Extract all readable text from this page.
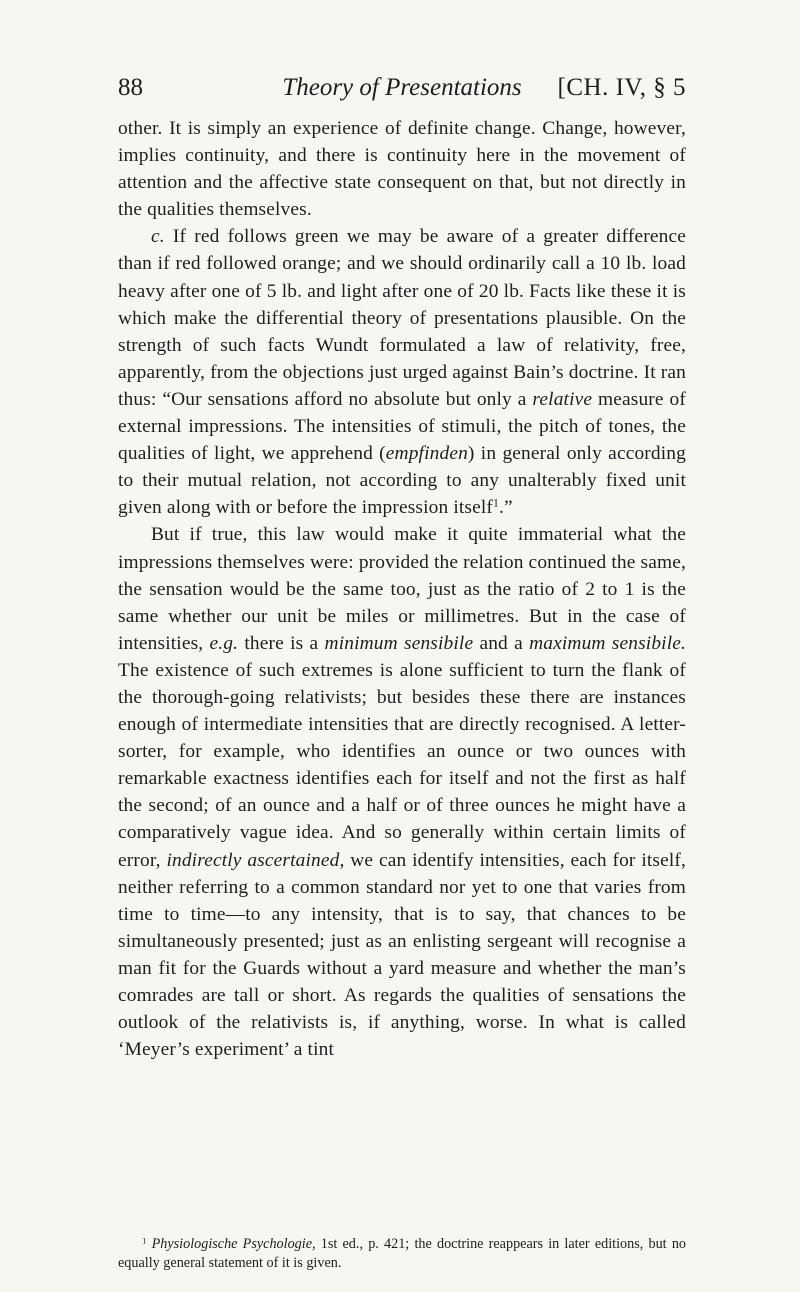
88	Theory of Presentations	[CH. IV, § 5

other. It is simply an experience of definite change. Change, however, implies continuity, and there is continuity here in the movement of attention and the affective state consequent on that, but not directly in the qualities themselves.

c. If red follows green we may be aware of a greater difference than if red followed orange; and we should ordinarily call a 10 lb. load heavy after one of 5 lb. and light after one of 20 lb. Facts like these it is which make the differential theory of presentations plausible. On the strength of such facts Wundt formulated a law of relativity, free, apparently, from the objections just urged against Bain’s doctrine. It ran thus: “Our sensations afford no absolute but only a relative measure of external impressions. The intensities of stimuli, the pitch of tones, the qualities of light, we apprehend (empfinden) in general only according to their mutual relation, not according to any unalterably fixed unit given along with or before the impression itself$^1$.”

But if true, this law would make it quite immaterial what the impressions themselves were: provided the relation continued the same, the sensation would be the same too, just as the ratio of 2 to 1 is the same whether our unit be miles or millimetres. But in the case of intensities, e.g. there is a minimum sensibile and a maximum sensibile. The existence of such extremes is alone sufficient to turn the flank of the thorough-going relativists; but besides these there are instances enough of intermediate intensities that are directly recognised. A letter-sorter, for example, who identifies an ounce or two ounces with remarkable exactness identifies each for itself and not the first as half the second; of an ounce and a half or of three ounces he might have a comparatively vague idea. And so generally within certain limits of error, indirectly ascertained, we can identify intensities, each for itself, neither referring to a common standard nor yet to one that varies from time to time—to any intensity, that is to say, that chances to be simultaneously presented; just as an enlisting sergeant will recognise a man fit for the Guards without a yard measure and whether the man’s comrades are tall or short. As regards the qualities of sensations the outlook of the relativists is, if anything, worse. In what is called ‘Meyer’s experiment’ a tint

$^1$ Physiologische Psychologie, 1st ed., p. 421; the doctrine reappears in later editions, but no equally general statement of it is given.
